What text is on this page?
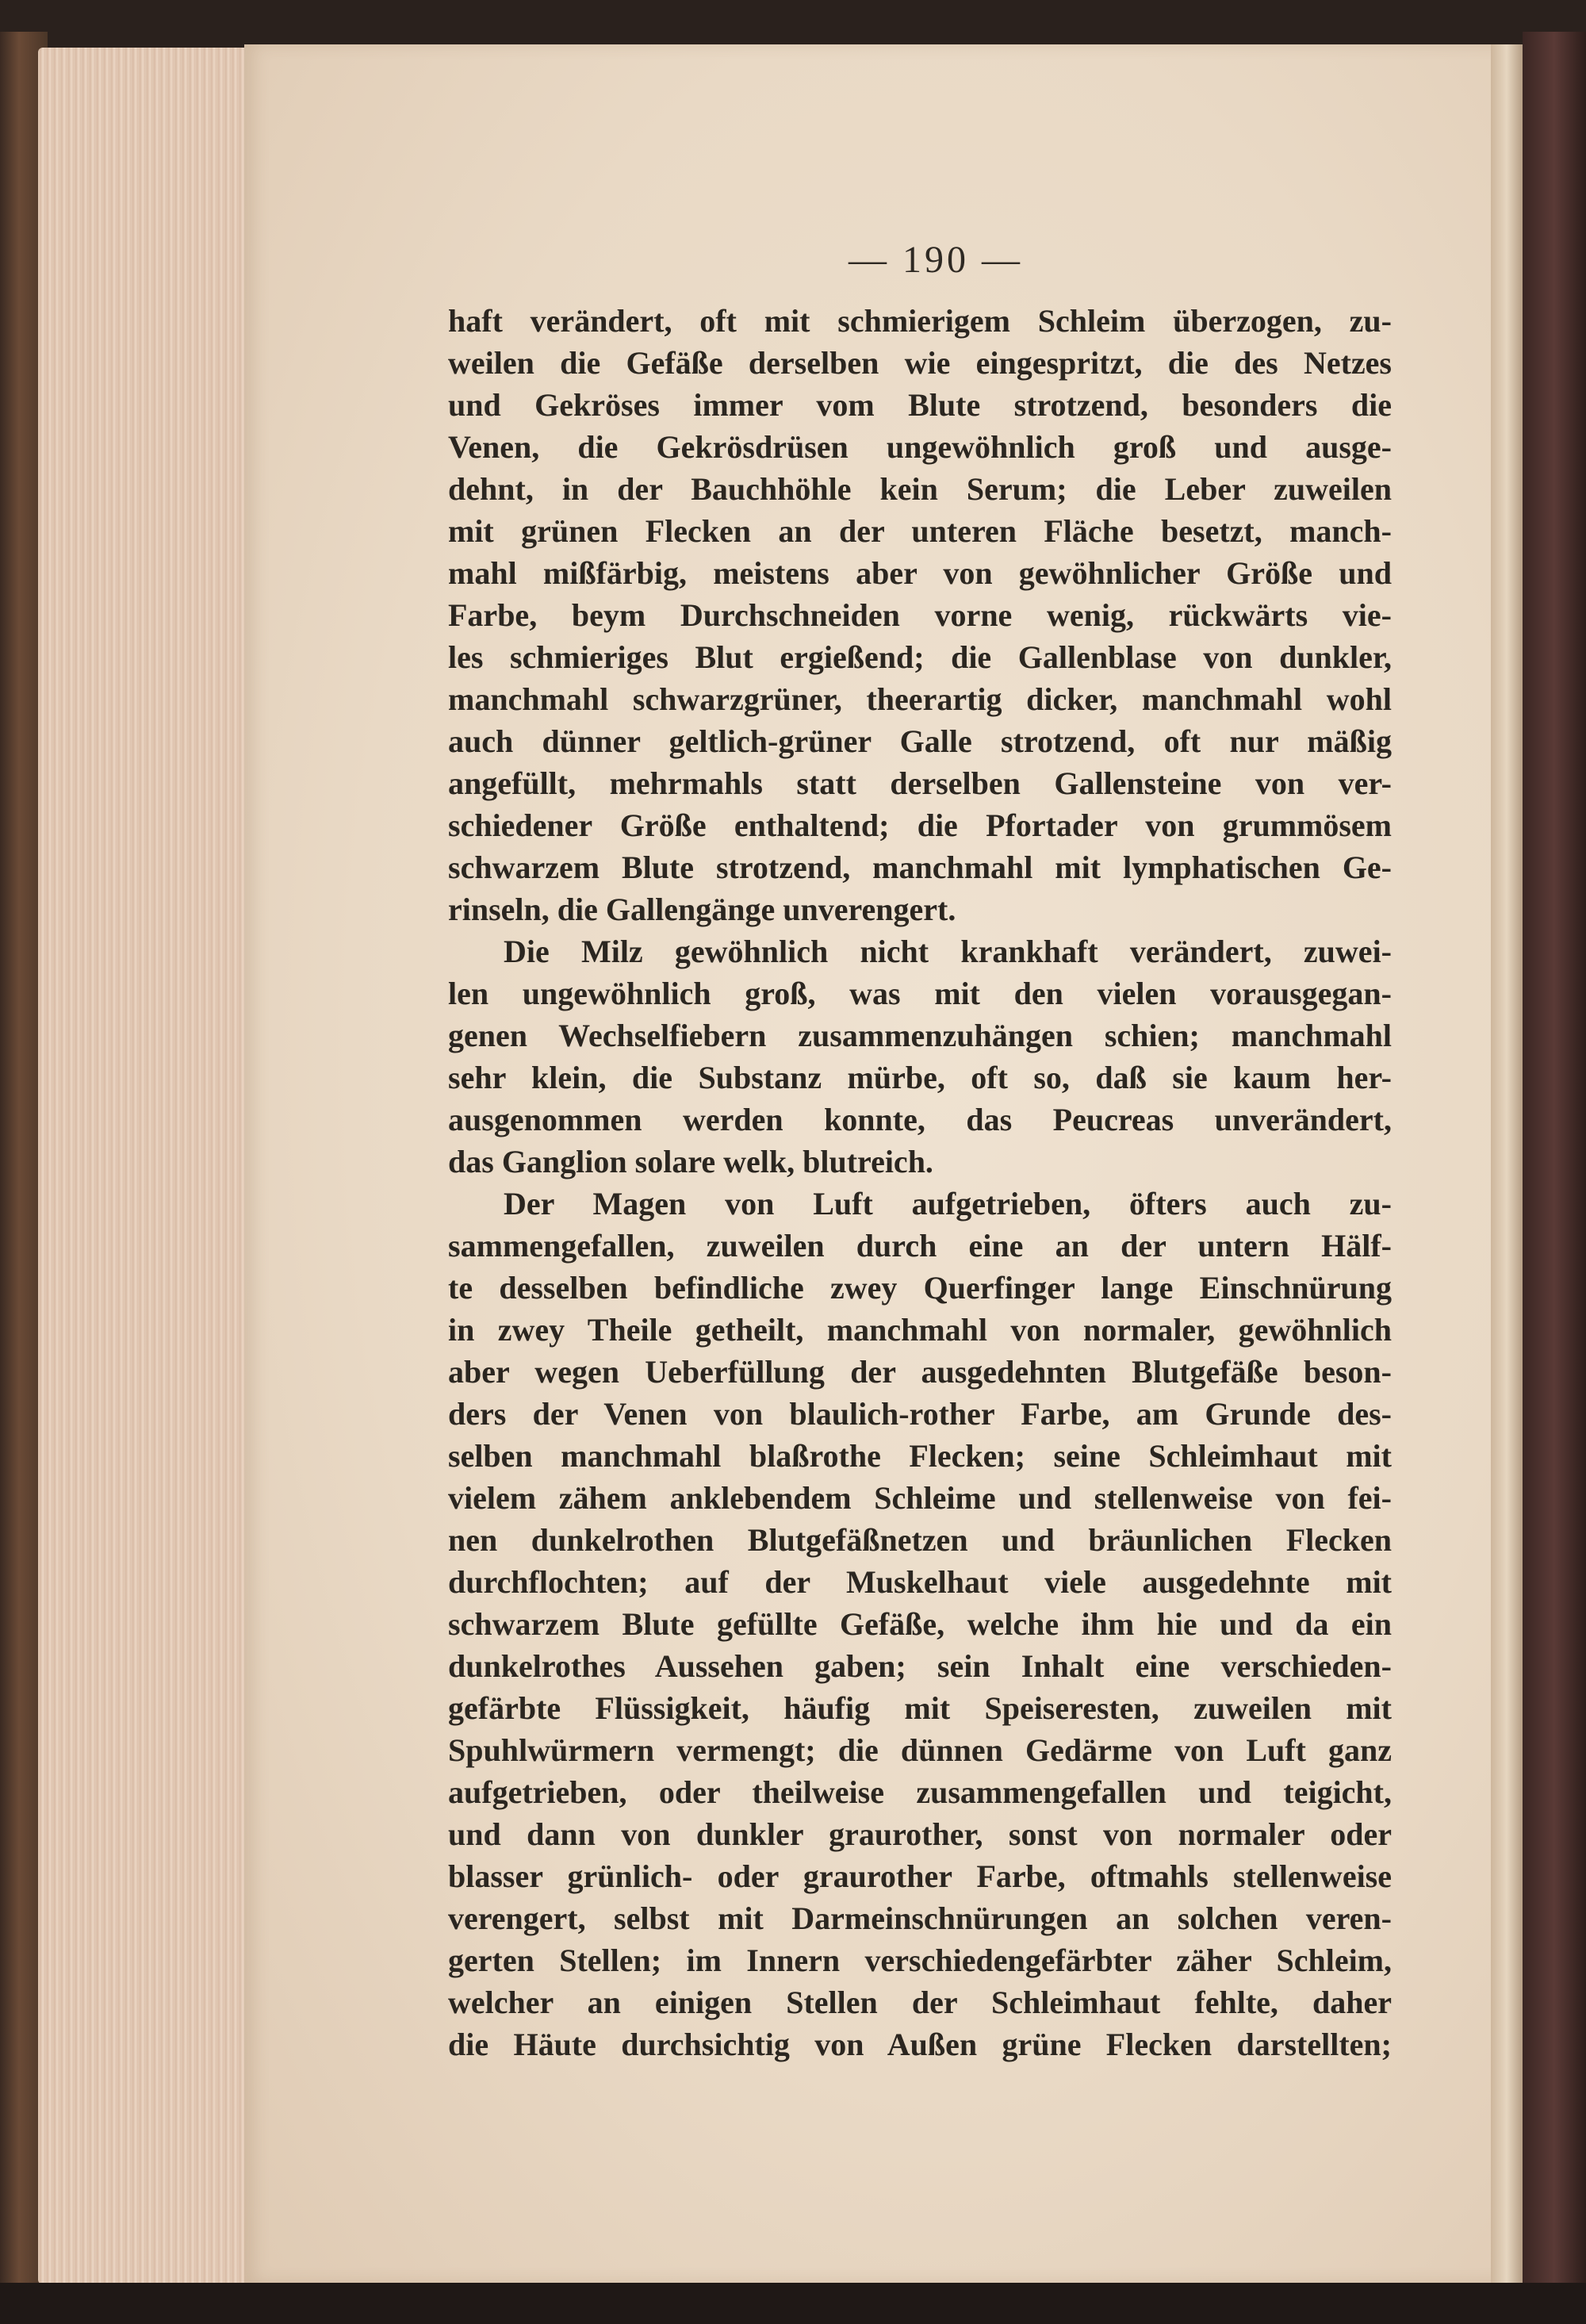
— 190 —
haft verändert, oft mit schmierigem Schleim überzogen, zu-
weilen die Gefäße derselben wie eingespritzt, die des Netzes
und Gekröses immer vom Blute strotzend, besonders die
Venen, die Gekrösdrüsen ungewöhnlich groß und ausge-
dehnt, in der Bauchhöhle kein Serum; die Leber zuweilen
mit grünen Flecken an der unteren Fläche besetzt, manch-
mahl mißfärbig, meistens aber von gewöhnlicher Größe und
Farbe, beym Durchschneiden vorne wenig, rückwärts vie-
les schmieriges Blut ergießend; die Gallenblase von dunkler,
manchmahl schwarzgrüner, theerartig dicker, manchmahl wohl
auch dünner geltlich-grüner Galle strotzend, oft nur mäßig
angefüllt, mehrmahls statt derselben Gallensteine von ver-
schiedener Größe enthaltend; die Pfortader von grummösem
schwarzem Blute strotzend, manchmahl mit lymphatischen Ge-
rinseln, die Gallengänge unverengert.
Die Milz gewöhnlich nicht krankhaft verändert, zuwei-
len ungewöhnlich groß, was mit den vielen vorausgegan-
genen Wechselfiebern zusammenzuhängen schien; manchmahl
sehr klein, die Substanz mürbe, oft so, daß sie kaum her-
ausgenommen werden konnte, das Peucreas unverändert,
das Ganglion solare welk, blutreich.
Der Magen von Luft aufgetrieben, öfters auch zu-
sammengefallen, zuweilen durch eine an der untern Hälf-
te desselben befindliche zwey Querfinger lange Einschnürung
in zwey Theile getheilt, manchmahl von normaler, gewöhnlich
aber wegen Ueberfüllung der ausgedehnten Blutgefäße beson-
ders der Venen von blaulich-rother Farbe, am Grunde des-
selben manchmahl blaßrothe Flecken; seine Schleimhaut mit
vielem zähem anklebendem Schleime und stellenweise von fei-
nen dunkelrothen Blutgefäßnetzen und bräunlichen Flecken
durchflochten; auf der Muskelhaut viele ausgedehnte mit
schwarzem Blute gefüllte Gefäße, welche ihm hie und da ein
dunkelrothes Aussehen gaben; sein Inhalt eine verschieden-
gefärbte Flüssigkeit, häufig mit Speiseresten, zuweilen mit
Spuhlwürmern vermengt; die dünnen Gedärme von Luft ganz
aufgetrieben, oder theilweise zusammengefallen und teigicht,
und dann von dunkler graurother, sonst von normaler oder
blasser grünlich- oder graurother Farbe, oftmahls stellenweise
verengert, selbst mit Darmeinschnürungen an solchen veren-
gerten Stellen; im Innern verschiedengefärbter zäher Schleim,
welcher an einigen Stellen der Schleimhaut fehlte, daher
die Häute durchsichtig von Außen grüne Flecken darstellten;
